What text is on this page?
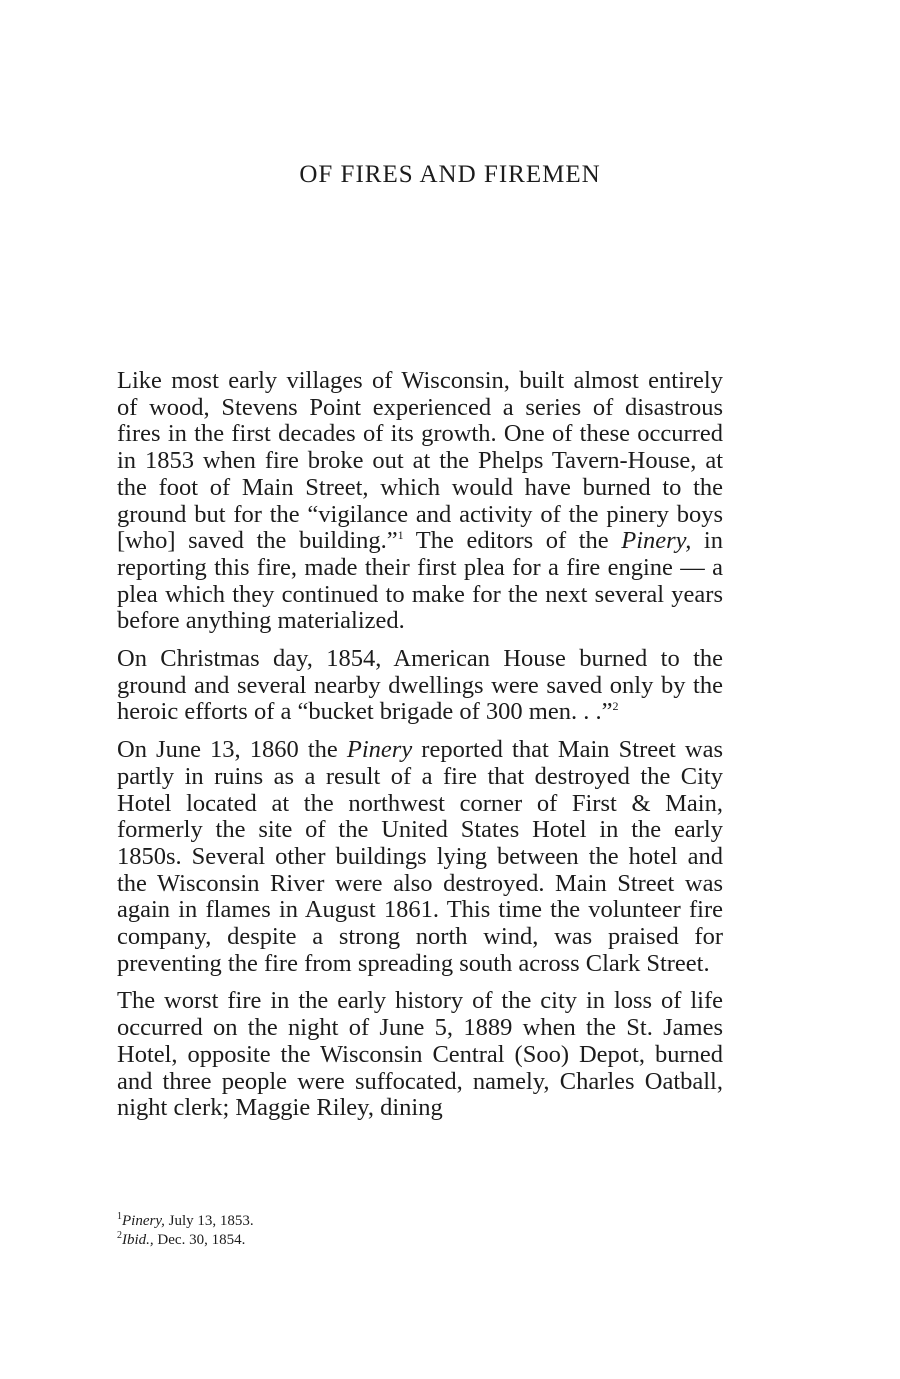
OF FIRES AND FIREMEN

Like most early villages of Wisconsin, built almost entirely of wood, Stevens Point experienced a series of disastrous fires in the first decades of its growth. One of these occurred in 1853 when fire broke out at the Phelps Tavern-House, at the foot of Main Street, which would have burned to the ground but for the “vigilance and activity of the pinery boys [who] saved the building.”$^1$ The editors of the Pinery, in reporting this fire, made their first plea for a fire engine — a plea which they continued to make for the next several years before anything materialized.

On Christmas day, 1854, American House burned to the ground and several nearby dwellings were saved only by the heroic efforts of a “bucket brigade of 300 men. . .”$^2$

On June 13, 1860 the Pinery reported that Main Street was partly in ruins as a result of a fire that destroyed the City Hotel located at the northwest corner of First & Main, formerly the site of the United States Hotel in the early 1850s. Several other buildings lying between the hotel and the Wisconsin River were also destroyed. Main Street was again in flames in August 1861. This time the volunteer fire company, despite a strong north wind, was praised for preventing the fire from spreading south across Clark Street.

The worst fire in the early history of the city in loss of life occurred on the night of June 5, 1889 when the St. James Hotel, opposite the Wisconsin Central (Soo) Depot, burned and three people were suffocated, namely, Charles Oatball, night clerk; Maggie Riley, dining

$^1$Pinery, July 13, 1853.

$^2$Ibid., Dec. 30, 1854.
